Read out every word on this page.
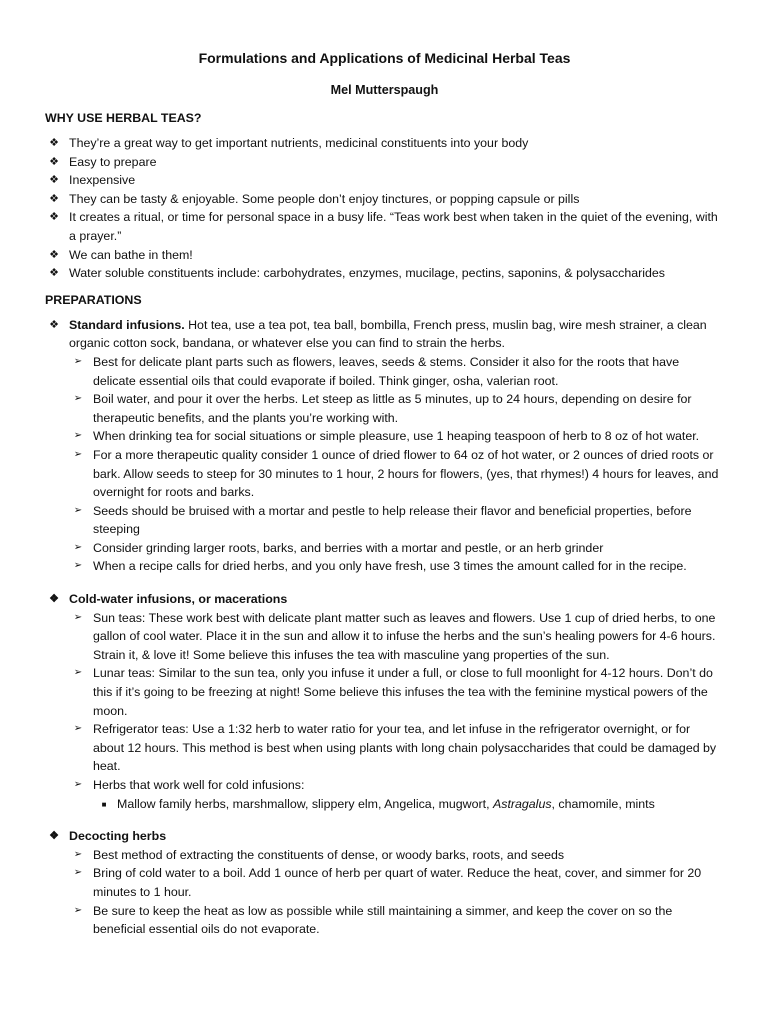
Formulations and Applications of Medicinal Herbal Teas
Mel Mutterspaugh
WHY USE HERBAL TEAS?
❖ They’re a great way to get important nutrients, medicinal constituents into your body
❖ Easy to prepare
❖ Inexpensive
❖ They can be tasty & enjoyable. Some people don’t enjoy tinctures, or popping capsule or pills
❖ It creates a ritual, or time for personal space in a busy life. “Teas work best when taken in the quiet of the evening, with a prayer.”
❖ We can bathe in them!
❖ Water soluble constituents include: carbohydrates, enzymes, mucilage, pectins, saponins, & polysaccharides
PREPARATIONS
❖ Standard infusions. Hot tea, use a tea pot, tea ball, bombilla, French press, muslin bag, wire mesh strainer, a clean organic cotton sock, bandana, or whatever else you can find to strain the herbs.
➢ Best for delicate plant parts such as flowers, leaves, seeds & stems. Consider it also for the roots that have delicate essential oils that could evaporate if boiled. Think ginger, osha, valerian root.
➢ Boil water, and pour it over the herbs. Let steep as little as 5 minutes, up to 24 hours, depending on desire for therapeutic benefits, and the plants you’re working with.
➢ When drinking tea for social situations or simple pleasure, use 1 heaping teaspoon of herb to 8 oz of hot water.
➢ For a more therapeutic quality consider 1 ounce of dried flower to 64 oz of hot water, or 2 ounces of dried roots or bark. Allow seeds to steep for 30 minutes to 1 hour, 2 hours for flowers, (yes, that rhymes!) 4 hours for leaves, and overnight for roots and barks.
➢ Seeds should be bruised with a mortar and pestle to help release their flavor and beneficial properties, before steeping
➢ Consider grinding larger roots, barks, and berries with a mortar and pestle, or an herb grinder
➢ When a recipe calls for dried herbs, and you only have fresh, use 3 times the amount called for in the recipe.
❖ Cold-water infusions, or macerations
➢ Sun teas: These work best with delicate plant matter such as leaves and flowers. Use 1 cup of dried herbs, to one gallon of cool water. Place it in the sun and allow it to infuse the herbs and the sun’s healing powers for 4-6 hours. Strain it, & love it! Some believe this infuses the tea with masculine yang properties of the sun.
➢ Lunar teas: Similar to the sun tea, only you infuse it under a full, or close to full moonlight for 4-12 hours. Don’t do this if it’s going to be freezing at night! Some believe this infuses the tea with the feminine mystical powers of the moon.
➢ Refrigerator teas: Use a 1:32 herb to water ratio for your tea, and let infuse in the refrigerator overnight, or for about 12 hours. This method is best when using plants with long chain polysaccharides that could be damaged by heat.
➢ Herbs that work well for cold infusions:
■ Mallow family herbs, marshmallow, slippery elm, Angelica, mugwort, Astragalus, chamomile, mints
❖ Decocting herbs
➢ Best method of extracting the constituents of dense, or woody barks, roots, and seeds
➢ Bring of cold water to a boil. Add 1 ounce of herb per quart of water. Reduce the heat, cover, and simmer for 20 minutes to 1 hour.
➢ Be sure to keep the heat as low as possible while still maintaining a simmer, and keep the cover on so the beneficial essential oils do not evaporate.
